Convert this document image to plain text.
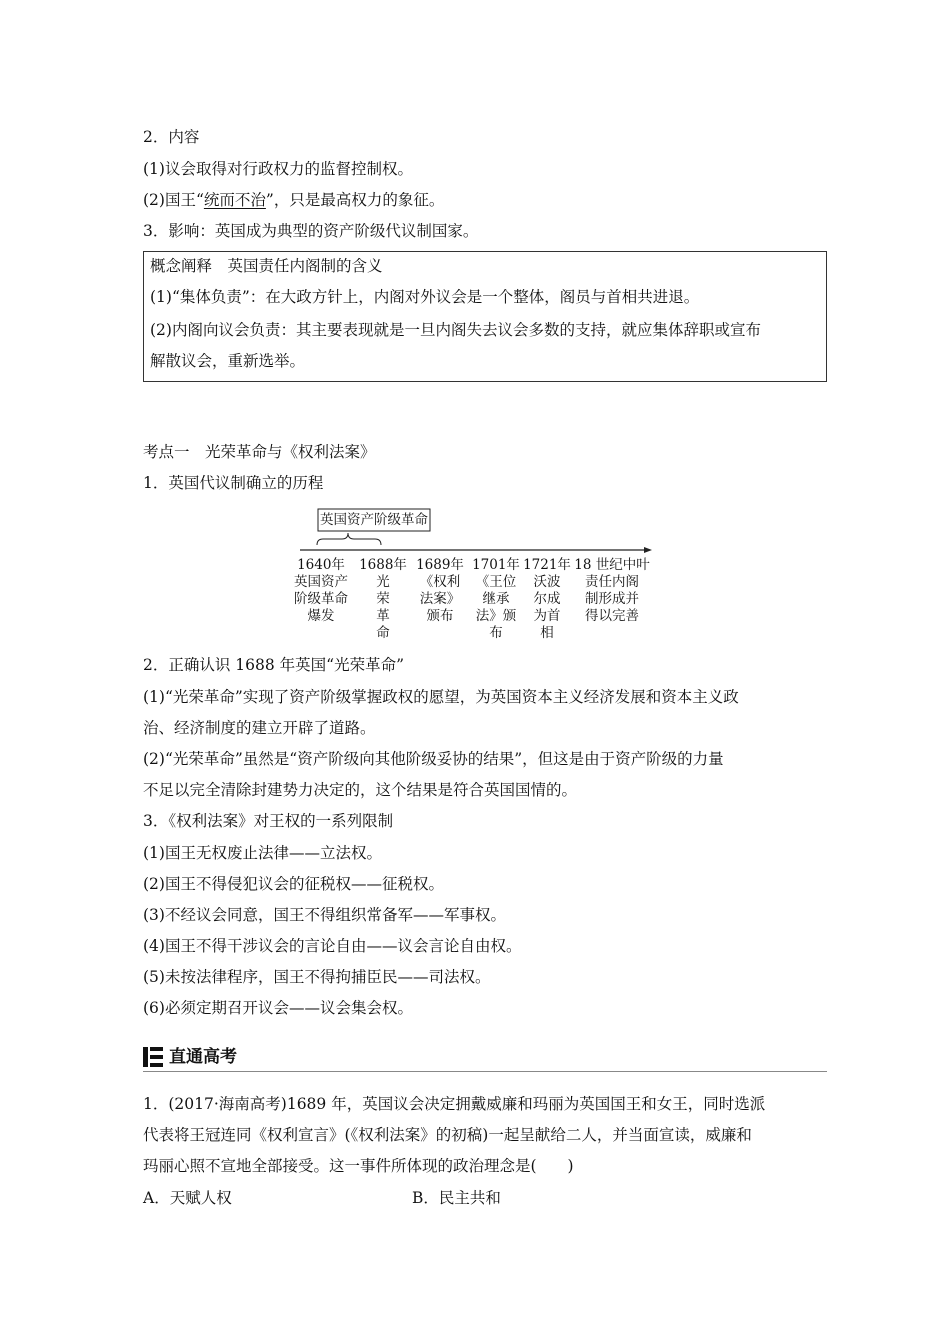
2．内容
(1)议会取得对行政权力的监督控制权。
(2)国王“统而不治”，只是最高权力的象征。
3．影响：英国成为典型的资产阶级代议制国家。
概念阐释　英国责任内阁制的含义
(1)“集体负责”：在大政方针上，内阁对外议会是一个整体，阁员与首相共进退。
(2)内阁向议会负责：其主要表现就是一旦内阁失去议会多数的支持，就应集体辞职或宣布
解散议会，重新选举。
考点一　光荣革命与《权利法案》
1．英国代议制确立的历程
英国资产阶级革命
1640年
英国资产
阶级革命
爆发
1688年
光
荣
革
命
1689年
《权利
法案》
颁布
1701年
《王位
继承
法》颁
布
1721年
沃波
尔成
为首
相
18 世纪中叶
责任内阁
制形成并
得以完善
2．正确认识 1688 年英国“光荣革命”
(1)“光荣革命”实现了资产阶级掌握政权的愿望，为英国资本主义经济发展和资本主义政
治、经济制度的建立开辟了道路。
(2)“光荣革命”虽然是“资产阶级向其他阶级妥协的结果”，但这是由于资产阶级的力量
不足以完全清除封建势力决定的，这个结果是符合英国国情的。
3．《权利法案》对王权的一系列限制
(1)国王无权废止法律——立法权。
(2)国王不得侵犯议会的征税权——征税权。
(3)不经议会同意，国王不得组织常备军——军事权。
(4)国王不得干涉议会的言论自由——议会言论自由权。
(5)未按法律程序，国王不得拘捕臣民——司法权。
(6)必须定期召开议会——议会集会权。
直通高考
1．(2017·海南高考)1689 年，英国议会决定拥戴威廉和玛丽为英国国王和女王，同时选派
代表将王冠连同《权利宣言》(《权利法案》的初稿)一起呈献给二人，并当面宣读，威廉和
玛丽心照不宣地全部接受。这一事件所体现的政治理念是(　　)
A．天赋人权	B．民主共和
